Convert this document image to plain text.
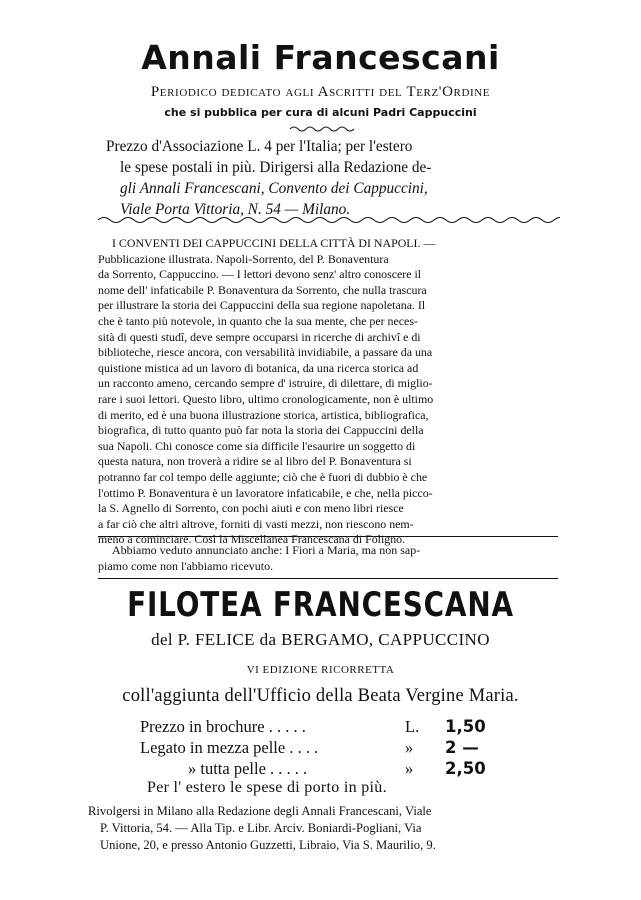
Annali Francescani
Periodico dedicato agli Ascritti del Terz'Ordine
che si pubblica per cura di alcuni Padri Cappuccini
Prezzo d'Associazione L. 4 per l'Italia; per l'estero
le spese postali in più. Dirigersi alla Redazione de-
gli Annali Francescani, Convento dei Cappuccini,
Viale Porta Vittoria, N. 54 — Milano.
I CONVENTI DEI CAPPUCCINI DELLA CITTÀ DI NAPOLI. —
Pubblicazione illustrata. Napoli-Sorrento, del P. Bonaventura
da Sorrento, Cappuccino. — I lettori devono senz' altro conoscere il
nome dell' infaticabile P. Bonaventura da Sorrento, che nulla trascura
per illustrare la storia dei Cappuccini della sua regione napoletana. Il
che è tanto più notevole, in quanto che la sua mente, che per neces-
sità di questi studî, deve sempre occuparsi in ricerche di archivî e di
biblioteche, riesce ancora, con versabilità invidiabile, a passare da una
quistione mistica ad un lavoro di botanica, da una ricerca storica ad
un racconto ameno, cercando sempre d' istruire, di dilettare, di miglio-
rare i suoi lettori. Questo libro, ultimo cronologicamente, non è ultimo
di merito, ed è una buona illustrazione storica, artistica, bibliografica,
biografica, di tutto quanto può far nota la storia dei Cappuccini della
sua Napoli. Chi conosce come sia difficile l'esaurire un soggetto di
questa natura, non troverà a ridire se al libro del P. Bonaventura si
potranno far col tempo delle aggiunte; ciò che è fuori di dubbio è che
l'ottimo P. Bonaventura è un lavoratore infaticabile, e che, nella picco-
la S. Agnello di Sorrento, con pochi aiuti e con meno libri riesce
a far ciò che altri altrove, forniti di vasti mezzi, non riescono nem-
meno a cominciare. Così la Miscellanea Francescana di Foligno.
Abbiamo veduto annunciato anche: I Fiori a Maria, ma non sap-
piamo come non l'abbiamo ricevuto.
FILOTEA FRANCESCANA
del P. FELICE da BERGAMO, CAPPUCCINO
VI EDIZIONE RICORRETTA
coll'aggiunta dell'Ufficio della Beata Vergine Maria.
Prezzo in brochure . . . . .	L.	1,50
Legato in mezza pelle . . . .	»	2 —
» tutta pelle . . . . .	»	2,50
Per l' estero le spese di porto in più.
Rivolgersi in Milano alla Redazione degli Annali Francescani, Viale
P. Vittoria, 54. — Alla Tip. e Libr. Arciv. Boniardi-Pogliani, Via
Unione, 20, e presso Antonio Guzzetti, Libraio, Via S. Maurilio, 9.
